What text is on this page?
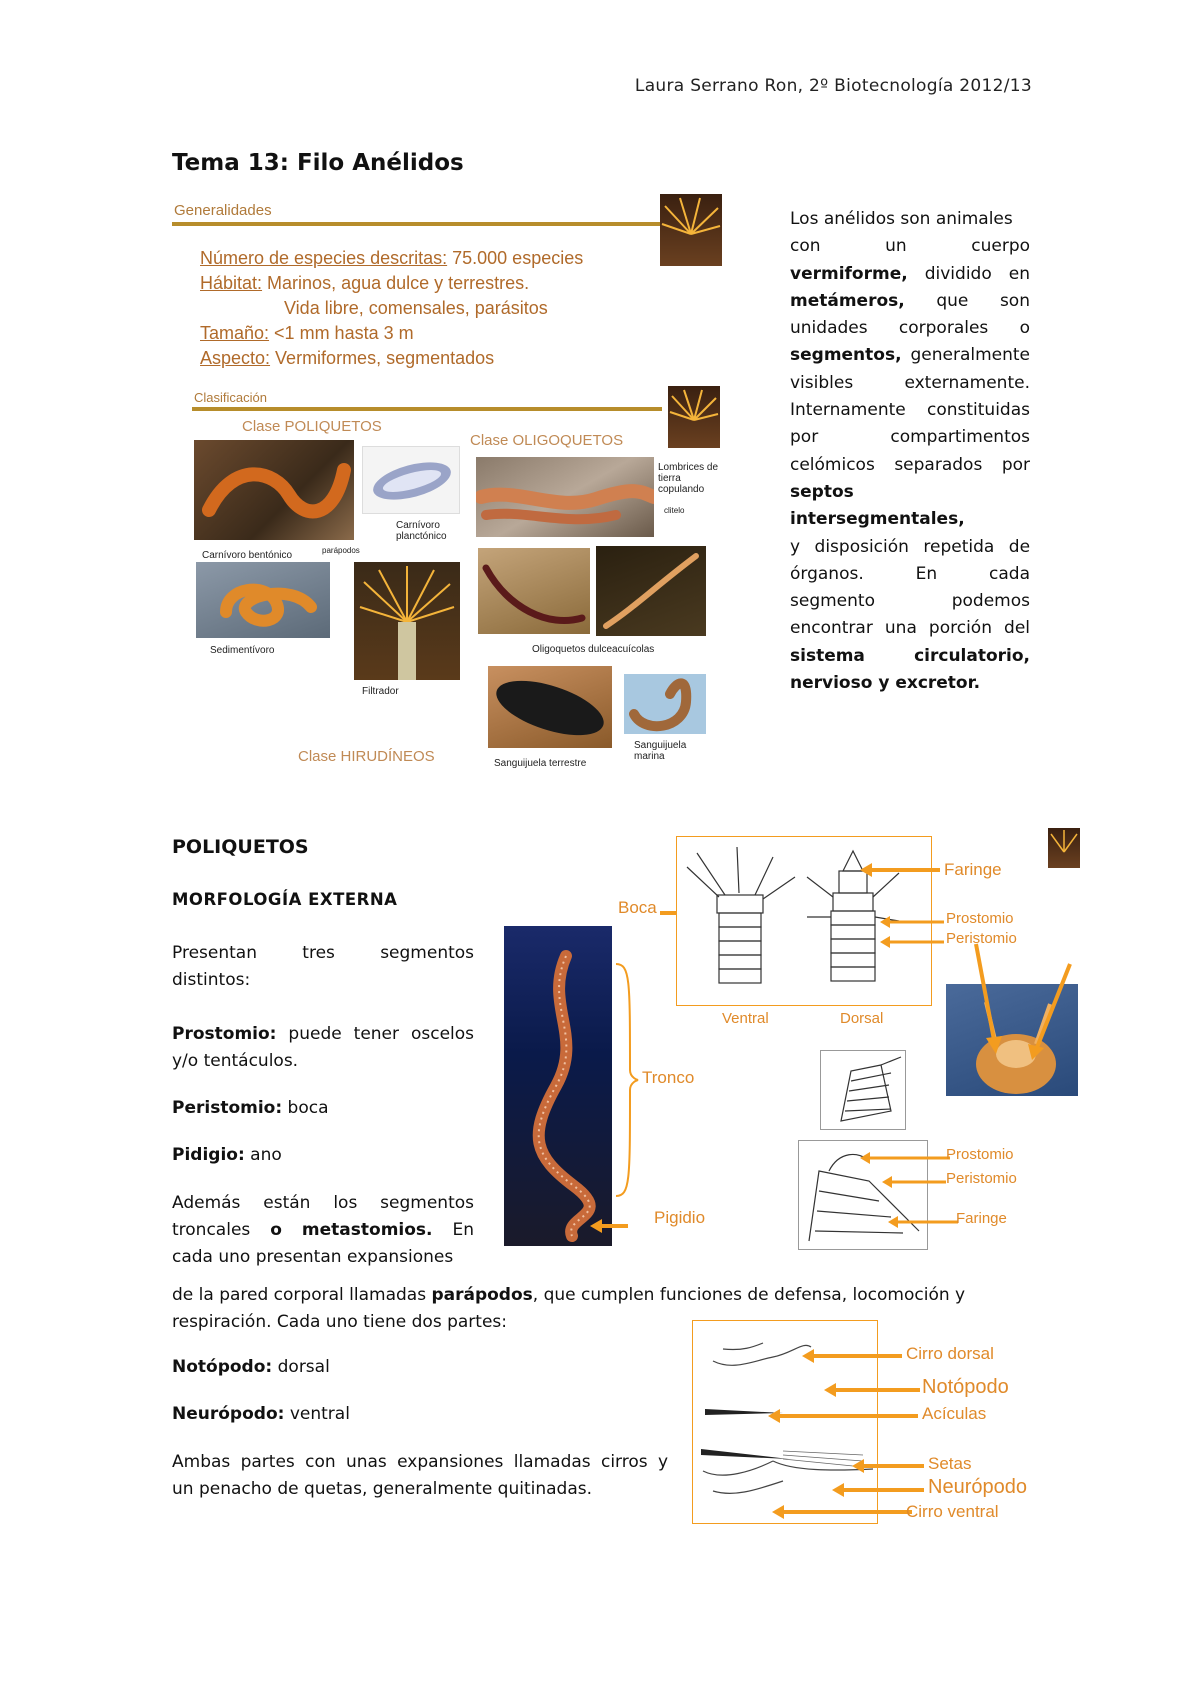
Laura Serrano Ron, 2º Biotecnología 2012/13
Tema 13: Filo Anélidos
Generalidades
Número de especies descritas: 75.000 especies
Hábitat: Marinos, agua dulce y terrestres.
Vida libre, comensales, parásitos
Tamaño: <1 mm hasta 3 m
Aspecto: Vermiformes, segmentados
Clasificación
Clase POLIQUETOS
Clase OLIGOQUETOS
Clase HIRUDÍNEOS
Carnívoro bentónico	parápodos
Carnívoro planctónico
Sedimentívoro
Filtrador
Lombrices de tierra copulando
clitelo
Oligoquetos dulceacuícolas
Sanguijuela terrestre
Sanguijuela marina
Los anélidos son animales
con	un	cuerpo
vermiforme, dividido en
metámeros, que son
unidades corporales o
segmentos, generalmente
visibles	externamente.
Internamente constituidas
por	compartimentos
celómicos separados por
septos intersegmentales,
y disposición repetida de
órganos.	En	cada
segmento	podemos
encontrar una porción del
sistema	circulatorio,
nervioso y excretor.
POLIQUETOS
MORFOLOGÍA EXTERNA
Presentan	tres	segmentos
distintos:
Prostomio: puede tener oscelos
y/o tentáculos.
Peristomio: boca
Pidigio: ano
Además están los segmentos
troncales o metastomios. En
cada uno presentan expansiones
de la pared corporal llamadas parápodos, que cumplen funciones de defensa, locomoción y
respiración. Cada uno tiene dos partes:
Notópodo: dorsal
Neurópodo: ventral
Ambas partes con unas expansiones llamadas cirros y
un penacho de quetas, generalmente quitinadas.
Boca
Tronco
Pigidio
Ventral	Dorsal
Faringe
Prostomio
Peristomio
Prostomio
Peristomio
Faringe
Cirro dorsal
Notópodo
Acículas
Setas
Neurópodo
Cirro ventral
